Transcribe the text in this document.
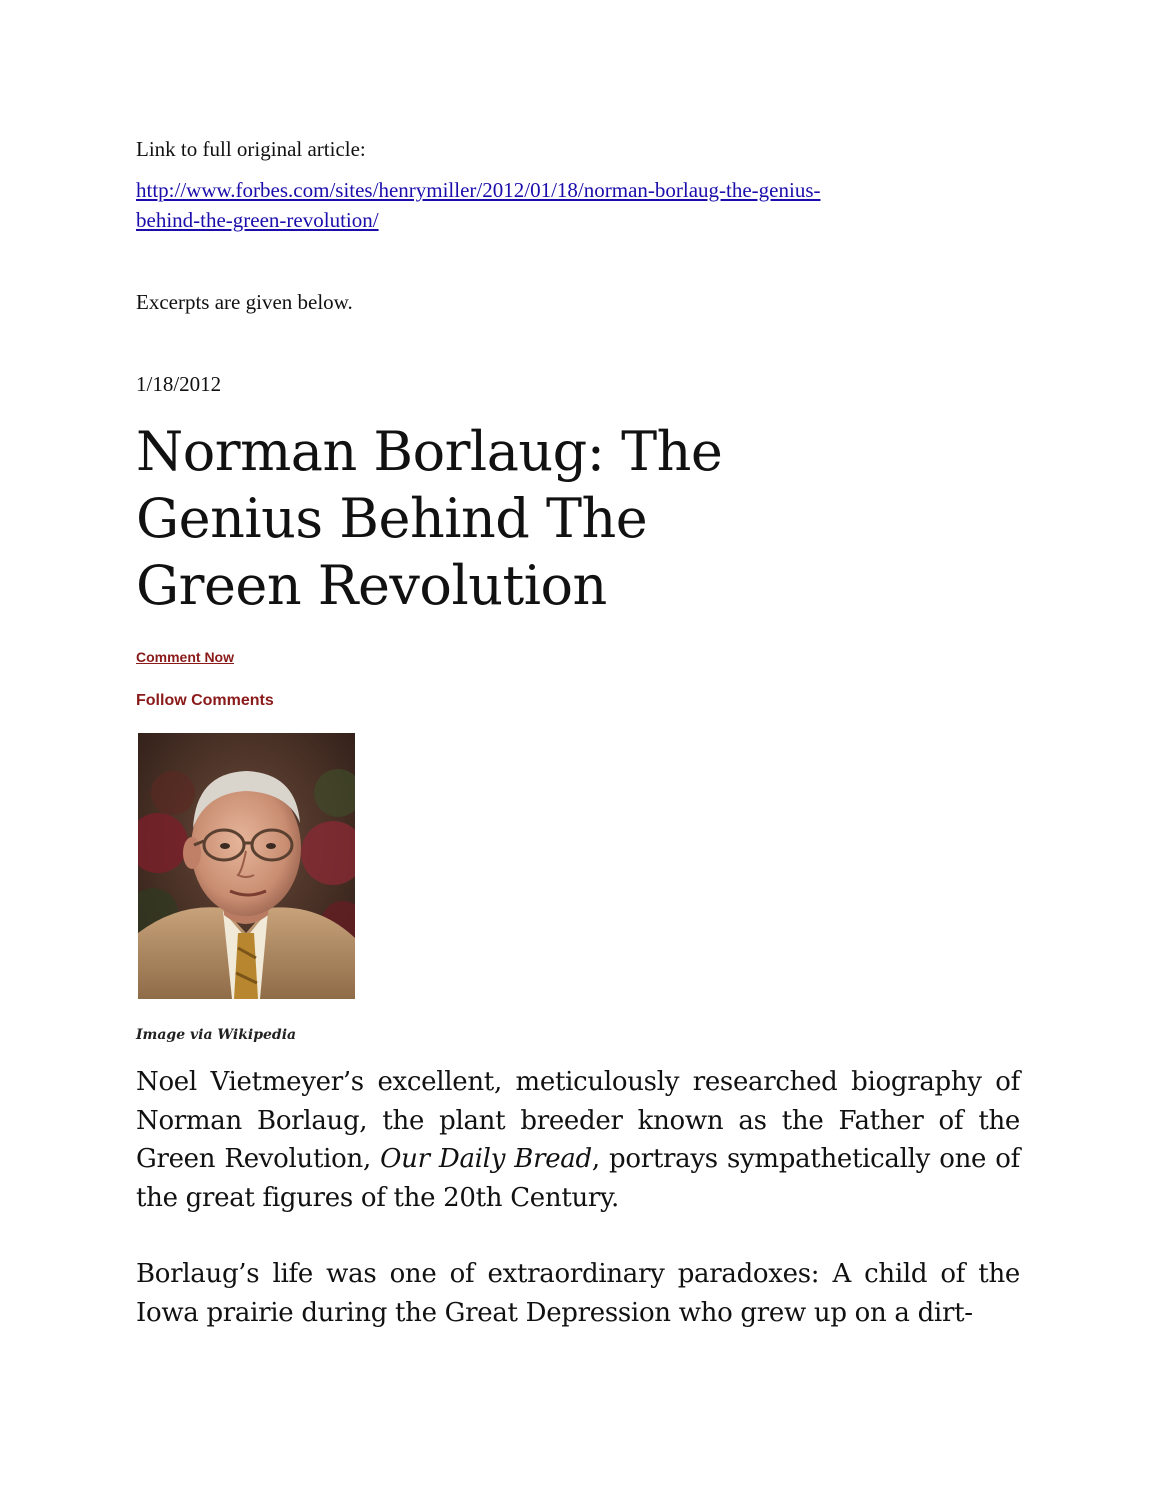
Link to full original article:
http://www.forbes.com/sites/henrymiller/2012/01/18/norman-borlaug-the-genius-
behind-the-green-revolution/
Excerpts are given below.
1/18/2012
Norman Borlaug: The
Genius Behind The
Green Revolution
Comment Now
Follow Comments
Image via Wikipedia

Noel Vietmeyer’s excellent, meticulously researched biography of Norman Borlaug, the plant breeder known as the Father of the Green Revolution, Our Daily Bread, portrays sympathetically one of the great figures of the 20th Century.

Borlaug’s life was one of extraordinary paradoxes: A child of the Iowa prairie during the Great Depression who grew up on a dirt-
